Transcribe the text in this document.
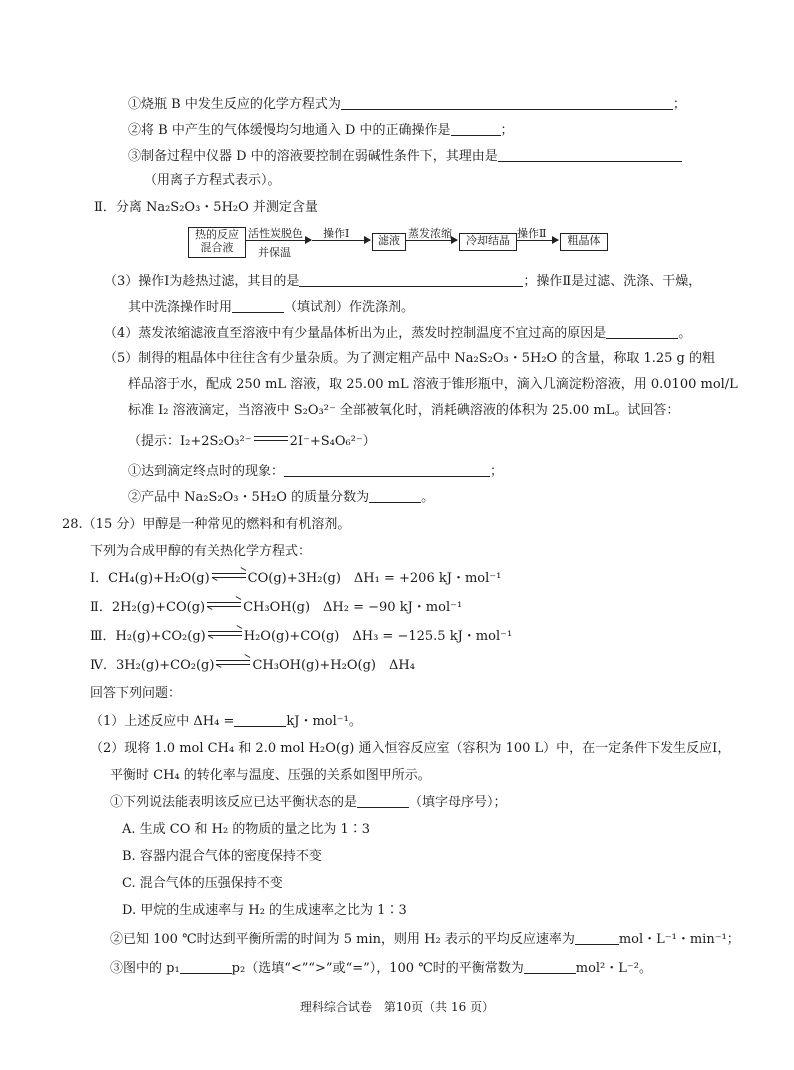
①烧瓶 B 中发生反应的化学方程式为	；
②将 B 中产生的气体缓慢均匀地通入 D 中的正确操作是	；
③制备过程中仪器 D 中的溶液要控制在弱碱性条件下，其理由是
（用离子方程式表示）。
Ⅱ．分离 Na₂S₂O₃・5H₂O 并测定含量
热的反应
混合液
活性炭脱色
并保温
操作Ⅰ
滤液
蒸发浓缩
冷却结晶
操作Ⅱ
粗晶体
（3）操作Ⅰ为趁热过滤，其目的是	；操作Ⅱ是过滤、洗涤、干燥，
其中洗涤操作时用	（填试剂）作洗涤剂。
（4）蒸发浓缩滤液直至溶液中有少量晶体析出为止，蒸发时控制温度不宜过高的原因是	。
（5）制得的粗晶体中往往含有少量杂质。为了测定粗产品中 Na₂S₂O₃・5H₂O 的含量，称取 1.25 g 的粗
样品溶于水，配成 250 mL 溶液，取 25.00 mL 溶液于锥形瓶中，滴入几滴淀粉溶液，用 0.0100 mol/L
标准 I₂ 溶液滴定，当溶液中 S₂O₃²⁻ 全部被氧化时，消耗碘溶液的体积为 25.00 mL。试回答：
（提示：I₂+2S₂O₃²⁻	2I⁻+S₄O₆²⁻）
①达到滴定终点时的现象：	；
②产品中 Na₂S₂O₃・5H₂O 的质量分数为	。
28.（15 分）甲醇是一种常见的燃料和有机溶剂。
下列为合成甲醇的有关热化学方程式：
Ⅰ．CH₄(g)+H₂O(g)	CO(g)+3H₂(g)　ΔH₁ = +206 kJ・mol⁻¹
Ⅱ．2H₂(g)+CO(g)	CH₃OH(g)　ΔH₂ = −90 kJ・mol⁻¹
Ⅲ．H₂(g)+CO₂(g)	H₂O(g)+CO(g)　ΔH₃ = −125.5 kJ・mol⁻¹
Ⅳ．3H₂(g)+CO₂(g)	CH₃OH(g)+H₂O(g)　ΔH₄
回答下列问题：
（1）上述反应中 ΔH₄ =	kJ・mol⁻¹。
（2）现将 1.0 mol CH₄ 和 2.0 mol H₂O(g) 通入恒容反应室（容积为 100 L）中，在一定条件下发生反应Ⅰ，
平衡时 CH₄ 的转化率与温度、压强的关系如图甲所示。
①下列说法能表明该反应已达平衡状态的是	（填字母序号）；
A. 生成 CO 和 H₂ 的物质的量之比为 1∶3
B. 容器内混合气体的密度保持不变
C. 混合气体的压强保持不变
D. 甲烷的生成速率与 H₂ 的生成速率之比为 1∶3
②已知 100 ℃时达到平衡所需的时间为 5 min，则用 H₂ 表示的平均反应速率为	mol・L⁻¹・min⁻¹；
③图中的 p₁	p₂（选填“<”“>”或“=”），100 ℃时的平衡常数为	mol²・L⁻²。
理科综合试卷　第10页（共 16 页）
